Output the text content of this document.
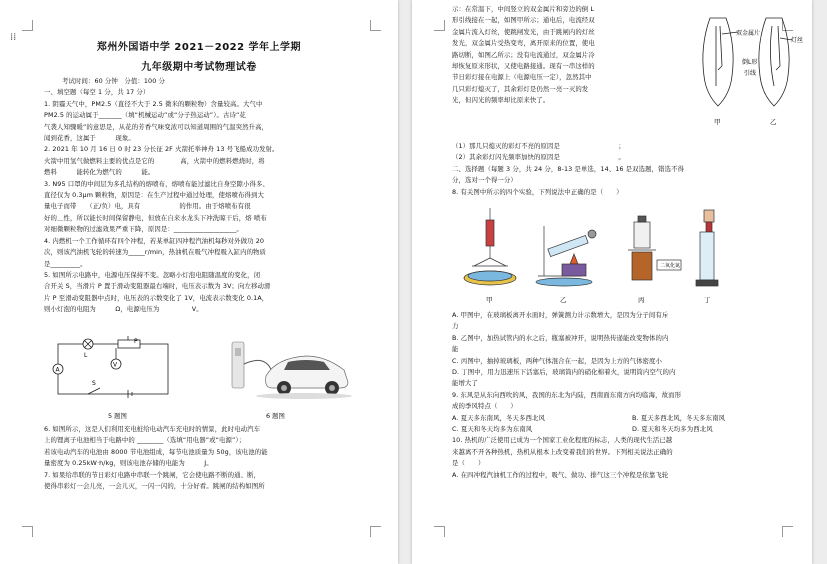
⁞⁞
郑州外国语中学 2021－2022 学年上学期
九年级期中考试物理试卷

考试时间：60 分钟　分值：100 分

一、填空题（每空 1 分，共 17 分）

1. 阴霾天气中，PM2.5（直径不大于 2.5 微米的颗粒物）含量较高。大气中

PM2.5 的运动属于_______（填“机械运动”或“分子热运动”）。古诗“花

气袭人知骤暖”的意思是，从花的芳香气味变浓可以知道周围的气温突然升高，

闻到花香，这属于　　　现象。

2. 2021 年 10 月 16 日 0 时 23 分长征 2F 火箭托举神舟 13 号飞船成功发射。

火箭中用氢气做燃料主要的优点是它的　　　　高，火箭中的燃料燃烧时，将

燃料　　　能转化为燃气的　　　能。

3. N95 口罩的中间层为多孔结构的熔喷布，熔喷布能过滤比自身空隙小得多、

直径仅为 0.3μm 颗粒物，原因是：在生产过程中通过处理，使熔喷布得到大

量电子而带　　（正/负）电，具有　　　　　　的作用。由于熔喷布有很

好的＿性，所以能长时间保留静电，但放在自来水龙头下冲洗晾干后，熔 喷布

对细微颗粒物的过滤效果严重下降，原因是：___________________。

4. 内燃机一个工作循环有四个冲程，若某单缸四冲程汽油机每秒对外做功 20

次，则该汽油机飞轮的转速为_____r/min，热油机在吸气冲程吸入缸内的物质

是_________。

5. 如图所示电路中，电源电压保持不变。忽略小灯泡电阻随温度的变化，闭

合开关 S，当滑片 P 置于滑动变阻器最右端时，电压表示数为 3V；向左移动滑

片 P 至滑动变阻器中点时，电压表的示数变化了 1V，电流表示数变化 0.1A，

则小灯泡的电阻为　　　Ω，电源电压为　　　　　V。

L
P
V
A
S
5 题图	6 题图

6. 如图所示，这是人们利用充电桩给电动汽车充电时的情景，此时电动汽车

上的锂离子电池相当于电路中的 ________（选填“用电器”或“电源”）；

若该电动汽车的电池由 8000 节电池组成，每节电池质量为 50g，该电池的能

量密度为 0.25kW·h/kg，则该电池存储的电能为　　　J。

7. 如果给串联的节日彩灯电路中串联一个跳闸，它会使电路不断的通、断，

使得串彩灯一会儿亮，一会儿灭，一闪一闪的，十分好看。跳闸的结构如图所

示：在常温下，中间竖立的双金属片和旁边的倒 L

形引线接在一起，如图甲所示；通电后，电流经双

金属片流入灯丝，使跳闸发光，由于跳闸内的灯丝

发光，双金属片受热变弯，离开原来的位置，使电

路切断，如图乙所示；没有电流通过，双金属片冷

却恢复原来形状，又使电路接通。现有一串这样的

节日彩灯接在电源上（电源电压一定），忽然其中

几只彩灯熄灭了，其余彩灯是仍然一亮一灭的发

光，但闪光的频率却比原来快了。

双金属片
灯丝
倒L形
引线
甲	乙

（1）那几只熄灭的彩灯不亮的原因是　　　　　　　　　；

（2）其余彩灯闪光频率加快的原因是　　　　　　　　　。

二、选择题（每题 3 分，共 24 分，8-13 是单选，14、16 是双选题，错选不得

分，选对一个得一分）

8. 有关图中所示的四个实验，下列说法中正确的是（　　）

二氧化氮
甲	乙	丙	丁

A. 甲图中，在玻璃板离开水面时，弹簧测力计示数增大，是因为分子间有斥

力

B. 乙图中，加热试管内的水之后，瓶塞被冲开，说明热传递能改变物体的内

能

C. 丙图中，抽掉玻璃板，两种气体混合在一起，是因为上方的气体密度小

D. 丁图中，用力迅速压下活塞后，玻璃筒内的硝化棉着火，说明筒内空气的内

能增大了

9. 东风是从东向西吹的风，我国的东北为内陆，西南面东南方向均临海，故而形

成的季风特点（　　）

A. 夏天多东南风，冬天多西北风	B. 夏天多西北风，冬天多东南风

C. 夏天和冬天均多为东南风	D. 夏天和冬天均多为西北风

10. 热机的广泛使用已成为一个国家工业化程度的标志，人类的现代生活已越

来越离不开各种热机，热机从根本上改变着我们的世界。下列相关说法正确的

是（　　）

A. 在四冲程汽油机工作的过程中，吸气、做功、排气这三个冲程是依靠飞轮
